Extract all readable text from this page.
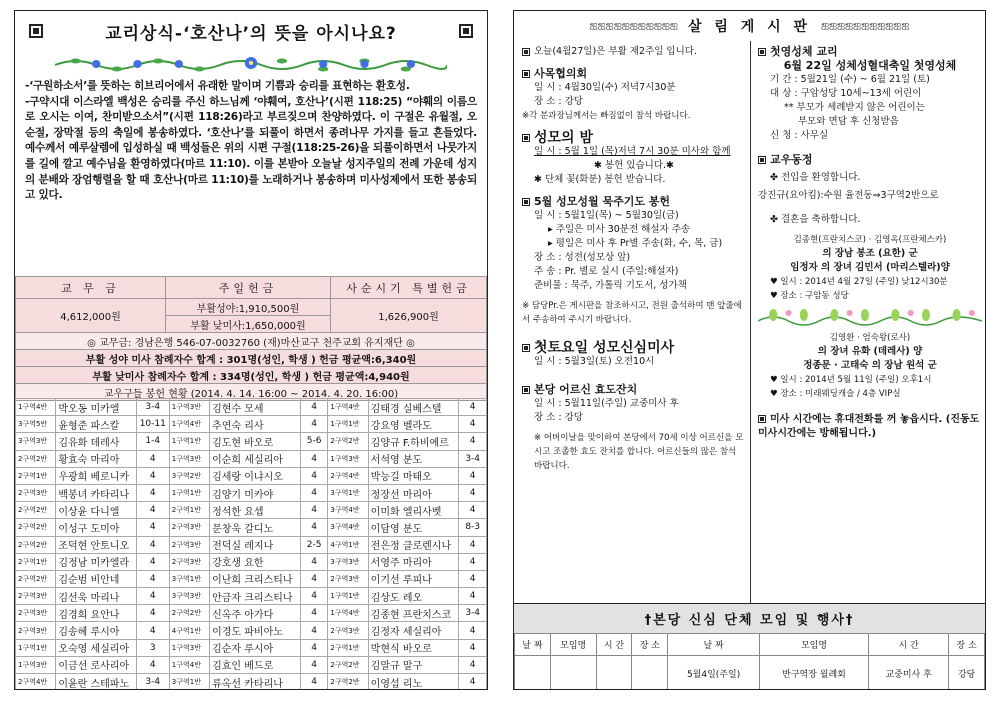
교리상식-‘호산나’의 뜻을 아시나요?

-‘구원하소서’를 뜻하는 히브리어에서 유래한 말이며 기쁨과 승리를 표현하는 환호성.

-구약시대 이스라엘 백성은 승리를 주신 하느님께 ‘야훼여, 호산나’(시편 118:25) “야훼의 이름으로 오시는 이여, 찬미받으소서”(시편 118:26)라고 부르짖으며 찬양하였다. 이 구절은 유월절, 오순절, 장막절 등의 축일에 봉송하였다. ‘호산나’를 되풀이 하면서 종려나무 가지를 들고 흔들었다. 예수께서 예루살렘에 입성하실 때 백성들은 위의 시편 구절(118:25-26)을 되풀이하면서 나뭇가지를 길에 깔고 예수님을 환영하였다(마르 11:10). 이를 본받아 오늘날 성지주일의 전례 가운데 성지의 분배와 장엄행렬을 할 때 호산나(마르 11:10)를 노래하거나 봉송하며 미사성제에서 또한 봉송되고 있다.

교 무 금	주일헌금	사순시기 특별헌금
4,612,000원	부활성야:1,910,500원	1,626,900원
	부활 낮미사:1,650,000원	
◎ 교무금: 경남은행 546-07-0032760 (재)마산교구 천주교회 유지재단 ◎		
부활 성야 미사 참례자수 합계 : 301명(성인, 학생 ) 헌금 평균액:6,340원		
부활 낮미사 참례자수 합계 : 334명(성인, 학생 ) 헌금 평균액:4,940원		
교우구들 봉헌 현황 (2014. 4. 14. 16:00 ~ 2014. 4. 20. 16:00)		
1구역4반	박오동 미카엘	3-4	1구역3반	김현수 모세	4	1구역4반	김태경 실베스텔	4
3구역5반	윤형준 파스칼	10-11	1구역4반	추연숙 리사	4	1구역1반	강요영 벨라도	4
3구역3반	김유화 데레사	1-4	1구역1반	김도현 바오로	5-6	2구역2반	김양규 F.하비에르	4
2구역2반	황효숙 마리아	4	1구역3반	이순희 세실리아	4	1구역3반	서석영 분도	3-4
2구역1반	우광희 베로니카	4	3구역2반	김세랑 이냐시오	4	2구역4반	박능길 마태오	4
2구역3반	백봉녀 카타리나	4	1구역1반	김양기 미카야	4	3구역1반	정장선 마리아	4
2구역2반	이상윤 다니엘	4	2구역1반	정석한 요셉	4	3구역4반	이미화 엘리사벳	4
2구역2반	이성구 도미아	4	2구역3반	문창욱 갈디노	4	3구역4반	이담영 분도	8-3
2구역2반	조덕현 안토니오	4	2구역3반	전덕실 레지나	2-5	4구역1반	전은정 클로렌시나	4
2구역1반	김정남 미카엘라	4	2구역3반	강호생 요한	4	3구역3반	서영주 마리아	4
2구역2반	김순범 비안네	4	3구역1반	이난희 크리스티나	4	2구역3반	이기선 루피나	4
2구역3반	김선욱 마리나	4	3구역3반	안금자 크리스티나	4	1구역1반	김상도 레오	4
2구역3반	김경희 요안나	4	2구역2반	신옥주 아가다	4	1구역4반	김종현 프란치스코	3-4
2구역3반	김송혜 루시아	4	4구역1반	이경도 파비아노	4	2구역3반	김정자 세실리아	4
1구역1반	오숙영 세실리아	3	1구역3반	김순자 루시아	4	2구역1반	박현식 바오로	4
1구역3반	이금선 로사리아	4	1구역4반	김효인 베드로	4	2구역2반	김말규 말구	4
2구역4반	이윤란 스테파노	3-4	3구역1반	류옥선 카타리나	4	2구역2반	이영섭 리노	4
ஐஐஐஐஐஐஐஐஐஐஐ 살 림 게 시 판 ஐஐஐஐஐஐஐஐஐஐஐ
오늘(4월27일)은 부활 제2주일 입니다.
사목협의회
일 시 : 4월30일(수) 저녁7시30분
장 소 : 강당
※각 분과장님께서는 빠짐없이 참석 바랍니다.
성모의 밤
일 시 : 5월 1일 (목)저녁 7시 30분 미사와 함께
✱ 봉헌 있습니다.✱
✱ 단체 꽃(화분) 봉헌 받습니다.
5월 성모성월 묵주기도 봉헌
일 시 : 5월1일(목) ~ 5월30일(금)
▸ 주일은 미사 30분전 해설자 주송
▸ 평일은 미사 후 Pr별 주송(화, 수, 목, 금)
장 소 : 성전(성모상 앞)
주 송 : Pr. 별로 실시 (주일:해설자)
준비물 : 묵주, 가톨릭 기도서, 성가책
※ 담당Pr.은 게시판을 참조하시고, 전원 출석하여 맨 앞줄에서 주송하여 주시기 바랍니다.
첫토요일 성모신심미사
일 시 : 5월3일(토) 오전10시
본당 어르신 효도잔치
일 시 : 5월11일(주일) 교중미사 후
장 소 : 강당
※ 어버이날을 맞이하여 본당에서 70세 이상 어르신을 모시고 조촐한 효도 잔치를 합니다. 어르신들의 많은 참석 바랍니다.
첫영성체 교리
6월 22일 성체성혈대축일 첫영성체
기 간 : 5월21일 (수) ~ 6월 21일 (토)
대 상 : 구암성당 10세~13세 어린이
** 부모가 세례받지 않은 어린이는
부모와 면담 후 신청받음
신 청 : 사무실
교우동정
✤ 전입을 환영합니다.
강진규(요아킴):수원 율전동⇒3구역2반으로
✤ 결혼을 축하합니다.
김종현(프란치스코) · 김영옥(프란체스카)
의 장남 봉조 (요한) 군
임정자 의 장녀 김민서 (마리스텔라)양
♥ 일시 : 2014년 4월 27일 (주일) 낮12시30분
♥ 장소 : 구암동 성당
김영환 · 엄숙왕(로사)
의 장녀 유화 (데레사) 양
정종문 · 고태숙 의 장남 원석 군
♥ 일시 : 2014년 5월 11일 (주일) 오후1시
♥ 장소 : 미래웨딩캐슬 / 4층 VIP실
미사 시간에는 휴대전화를 꺼 놓읍시다. (진동도 미사시간에는 방해됩니다.)
†본당 신심 단체 모임 및 행사†
날 짜	모임명	시 간	장 소	날 짜	모임명	시 간	장 소
				5월4일(주일)	반구역장 월례회	교중미사 후	강당
